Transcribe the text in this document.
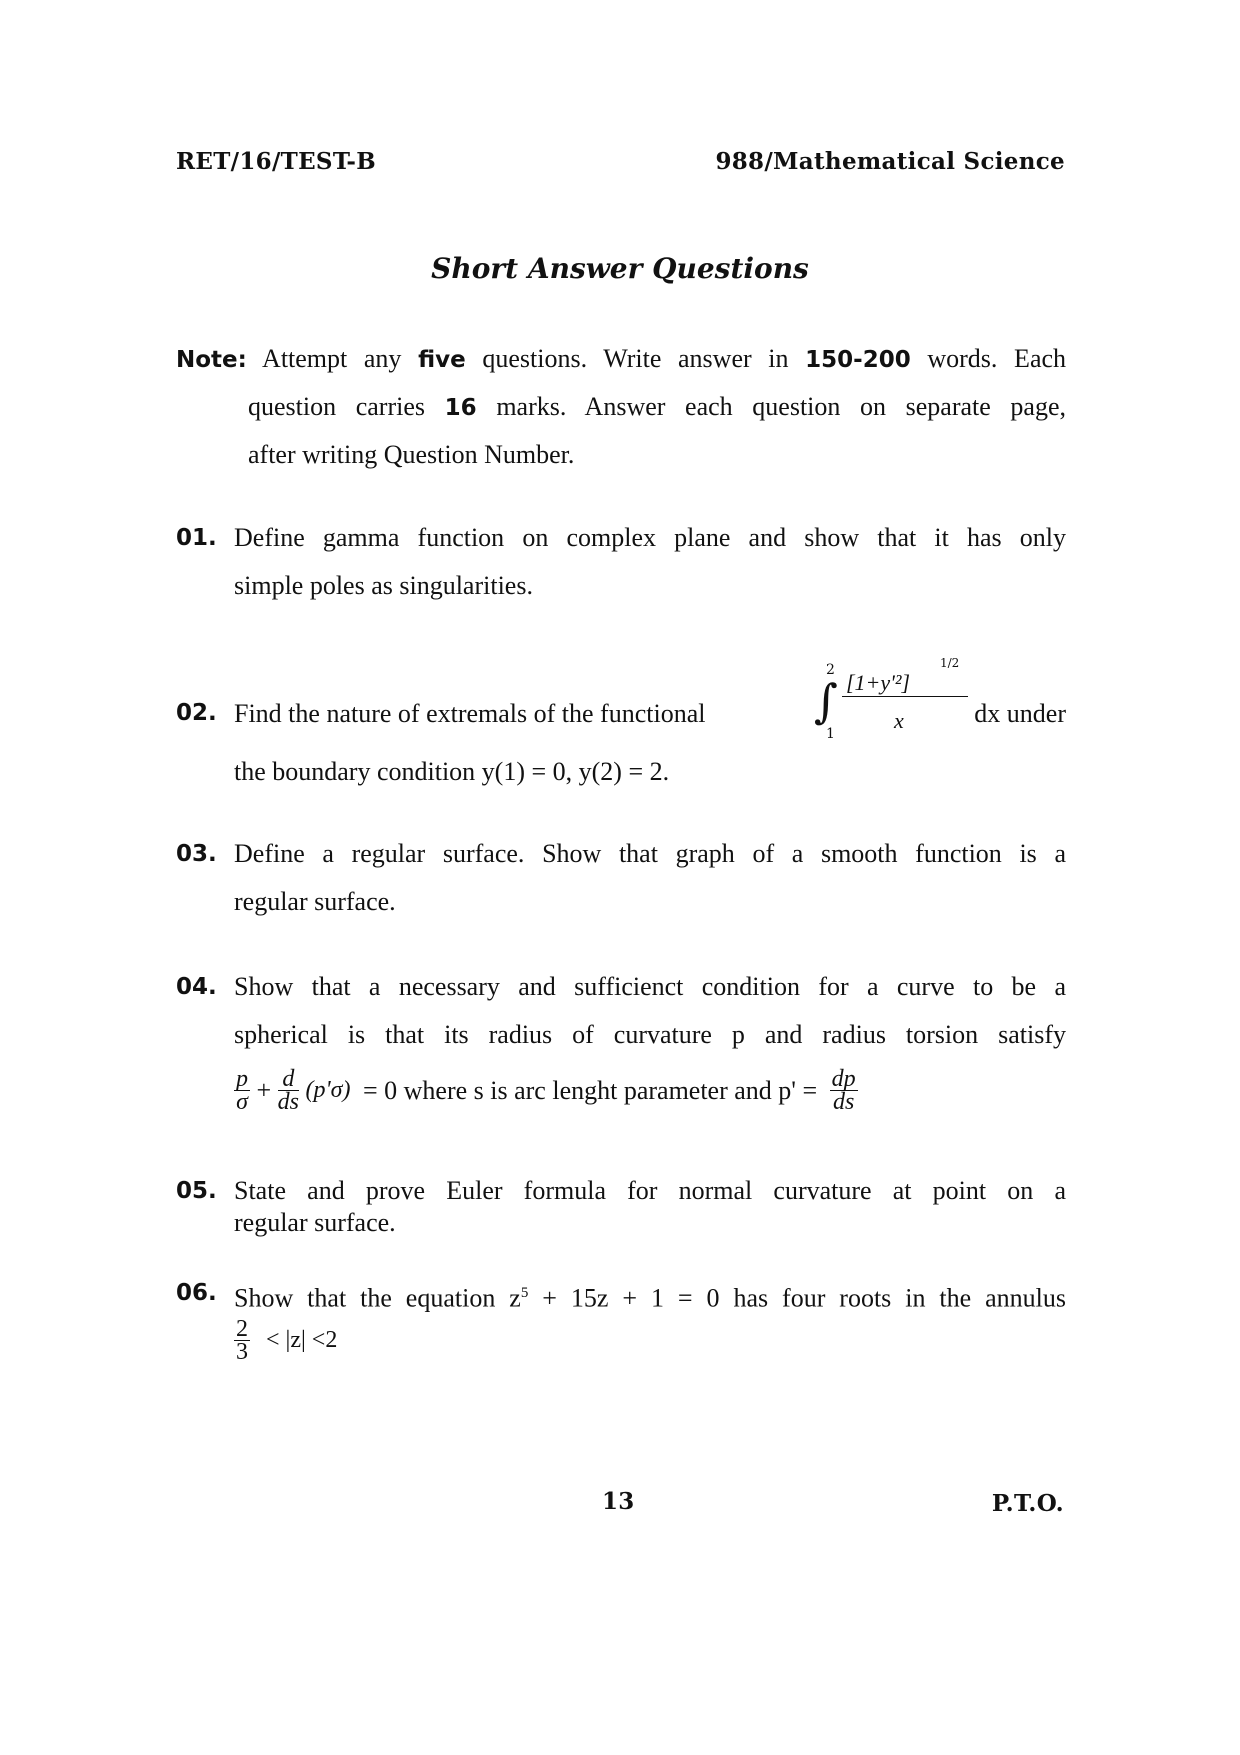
RET/16/TEST-B	988/Mathematical Science
Short Answer Questions
Note: Attempt any five questions. Write answer in 150-200 words. Each
question carries 16 marks. Answer each question on separate page,
after writing Question Number.
01. Define gamma function on complex plane and show that it has only
simple poles as singularities.
02. Find the nature of extremals of the functional ∫
2
1
[1+y'²]
1/2
x	dx under
the boundary condition y(1) = 0, y(2) = 2.
03. Define a regular surface. Show that graph of a smooth function is a
regular surface.
04. Show that a necessary and sufficienct condition for a curve to be a
spherical is that its radius of curvature p and radius torsion satisfy
$\frac{p}{\sigma} + \frac{d}{ds} (p'\sigma) = 0$ where s is arc lenght parameter and $p' = \frac{dp}{ds}$
05. State and prove Euler formula for normal curvature at point on a
regular surface.
06. Show that the equation $z^5 + 15z + 1 = 0$ has four roots in the annulus
$\frac{2}{3} < |z| <2$
13	P.T.O.
